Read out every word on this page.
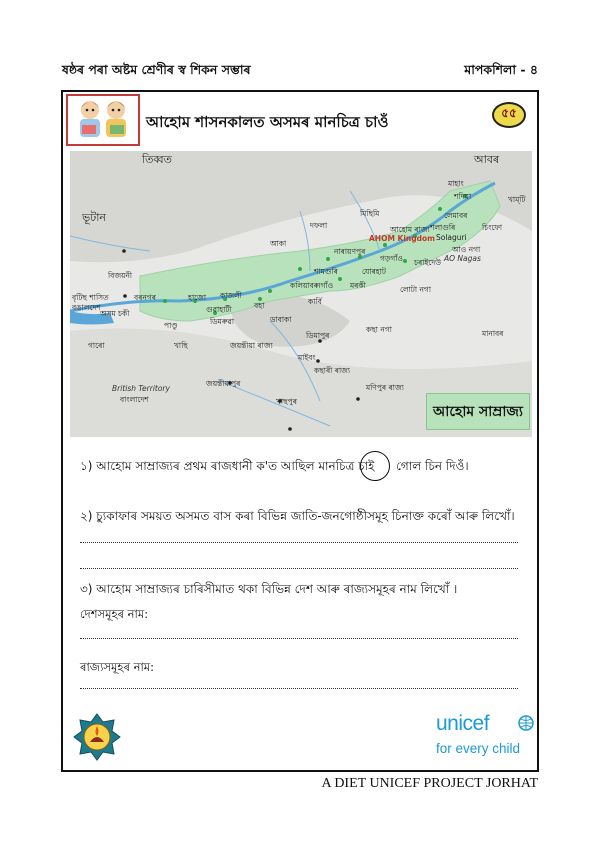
ষষ্ঠৰ পৰা অষ্টম শ্ৰেণীৰ স্ব শিকন সম্ভাৰ	মাপকশিলা - ৪
আহোম শাসনকালত অসমৰ মানচিত্ৰ চাওঁ	৫৫
তিব্বত	আবৰ
ভূটান	মিছিমি
মাহাং
শদিয়া	খাম্‌টি
লেমাবৰ
শলাগুৰি
Solaguri
চিংফো
আও নগা
AO Nagas
আহোম ৰাজ্য
AHOM Kingdom
দফলা
আকা
নাৰায়ণপুৰ
চৰাইদেউ
গড়গাঁও
বিজয়নী
বৃটিছ শাসিত
বঙালদেশ
বৰনগৰ	হাজো কাজলী
কলিয়াবৰ
যোৰহাট
শামগুৰি
লোটা নগা
অসম চকী	গুৱাহাটী	বহা	কাৰ্বি
নগাঁও মৰকী
পাণ্ডু	ডিমৰুৱা	ডাবাকা
কছা নগা	মানাবৰ
গাৰো	খাছি	জয়ন্তীয়া ৰাজ্য
ডিমাপুৰ
মাইবং
কছাৰী ৰাজ্য
British Territory
বাংলাদেশ
জয়ন্তীয়াপুৰ	মণিপুৰ ৰাজ্য
খাছপুৰ
আহোম সাম্ৰাজ্য
১) আহোম সাম্ৰাজ্যৰ প্ৰথম ৰাজধানী ক'ত আছিল মানচিত্ৰ চাই গোল চিন দিওঁ।
২) চ্যুকাফাৰ সময়ত অসমত বাস কৰা বিভিন্ন জাতি-জনগোষ্ঠীসমূহ চিনাক্ত কৰোঁ আৰু লিখোঁ।
৩) আহোম সাম্ৰাজ্যৰ চাৰিসীমাত থকা বিভিন্ন দেশ আৰু ৰাজ্যসমূহৰ নাম লিখোঁ ।
দেশসমূহৰ নাম:
ৰাজ্যসমূহৰ নাম:
unicef
for every child
A DIET UNICEF PROJECT JORHAT
